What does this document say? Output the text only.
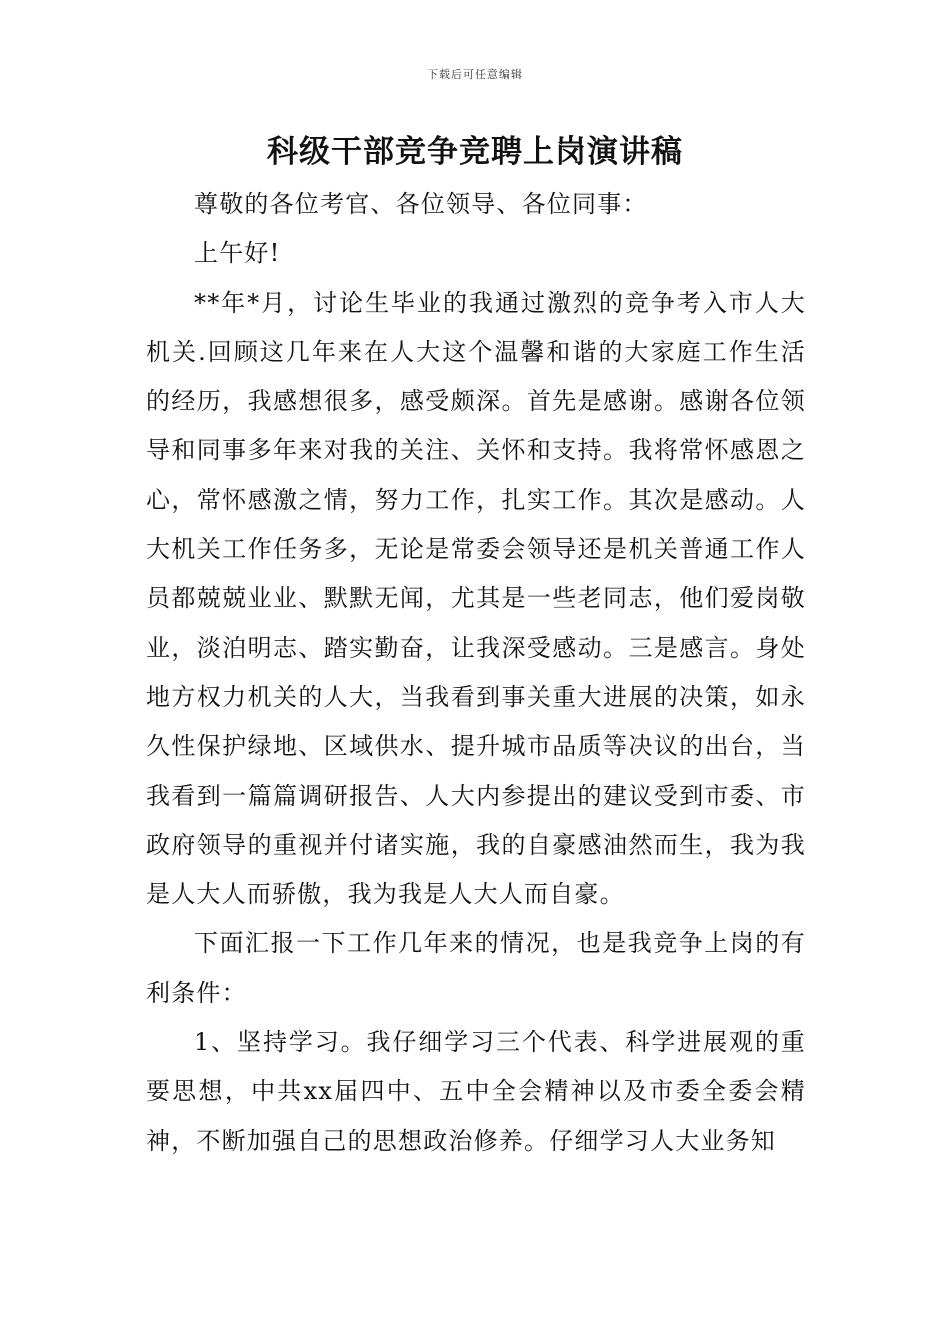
下载后可任意编辑
科级干部竞争竞聘上岗演讲稿

尊敬的各位考官、各位领导、各位同事：

上午好!

**年*月，讨论生毕业的我通过激烈的竞争考入市人大机关.回顾这几年来在人大这个温馨和谐的大家庭工作生活的经历，我感想很多，感受颇深。首先是感谢。感谢各位领导和同事多年来对我的关注、关怀和支持。我将常怀感恩之心，常怀感激之情，努力工作，扎实工作。其次是感动。人大机关工作任务多，无论是常委会领导还是机关普通工作人员都兢兢业业、默默无闻，尤其是一些老同志，他们爱岗敬业，淡泊明志、踏实勤奋，让我深受感动。三是感言。身处地方权力机关的人大，当我看到事关重大进展的决策，如永久性保护绿地、区域供水、提升城市品质等决议的出台，当我看到一篇篇调研报告、人大内参提出的建议受到市委、市政府领导的重视并付诸实施，我的自豪感油然而生，我为我是人大人而骄傲，我为我是人大人而自豪。

下面汇报一下工作几年来的情况，也是我竞争上岗的有利条件：

1、坚持学习。我仔细学习三个代表、科学进展观的重要思想，中共xx届四中、五中全会精神以及市委全委会精神，不断加强自己的思想政治修养。仔细学习人大业务知
